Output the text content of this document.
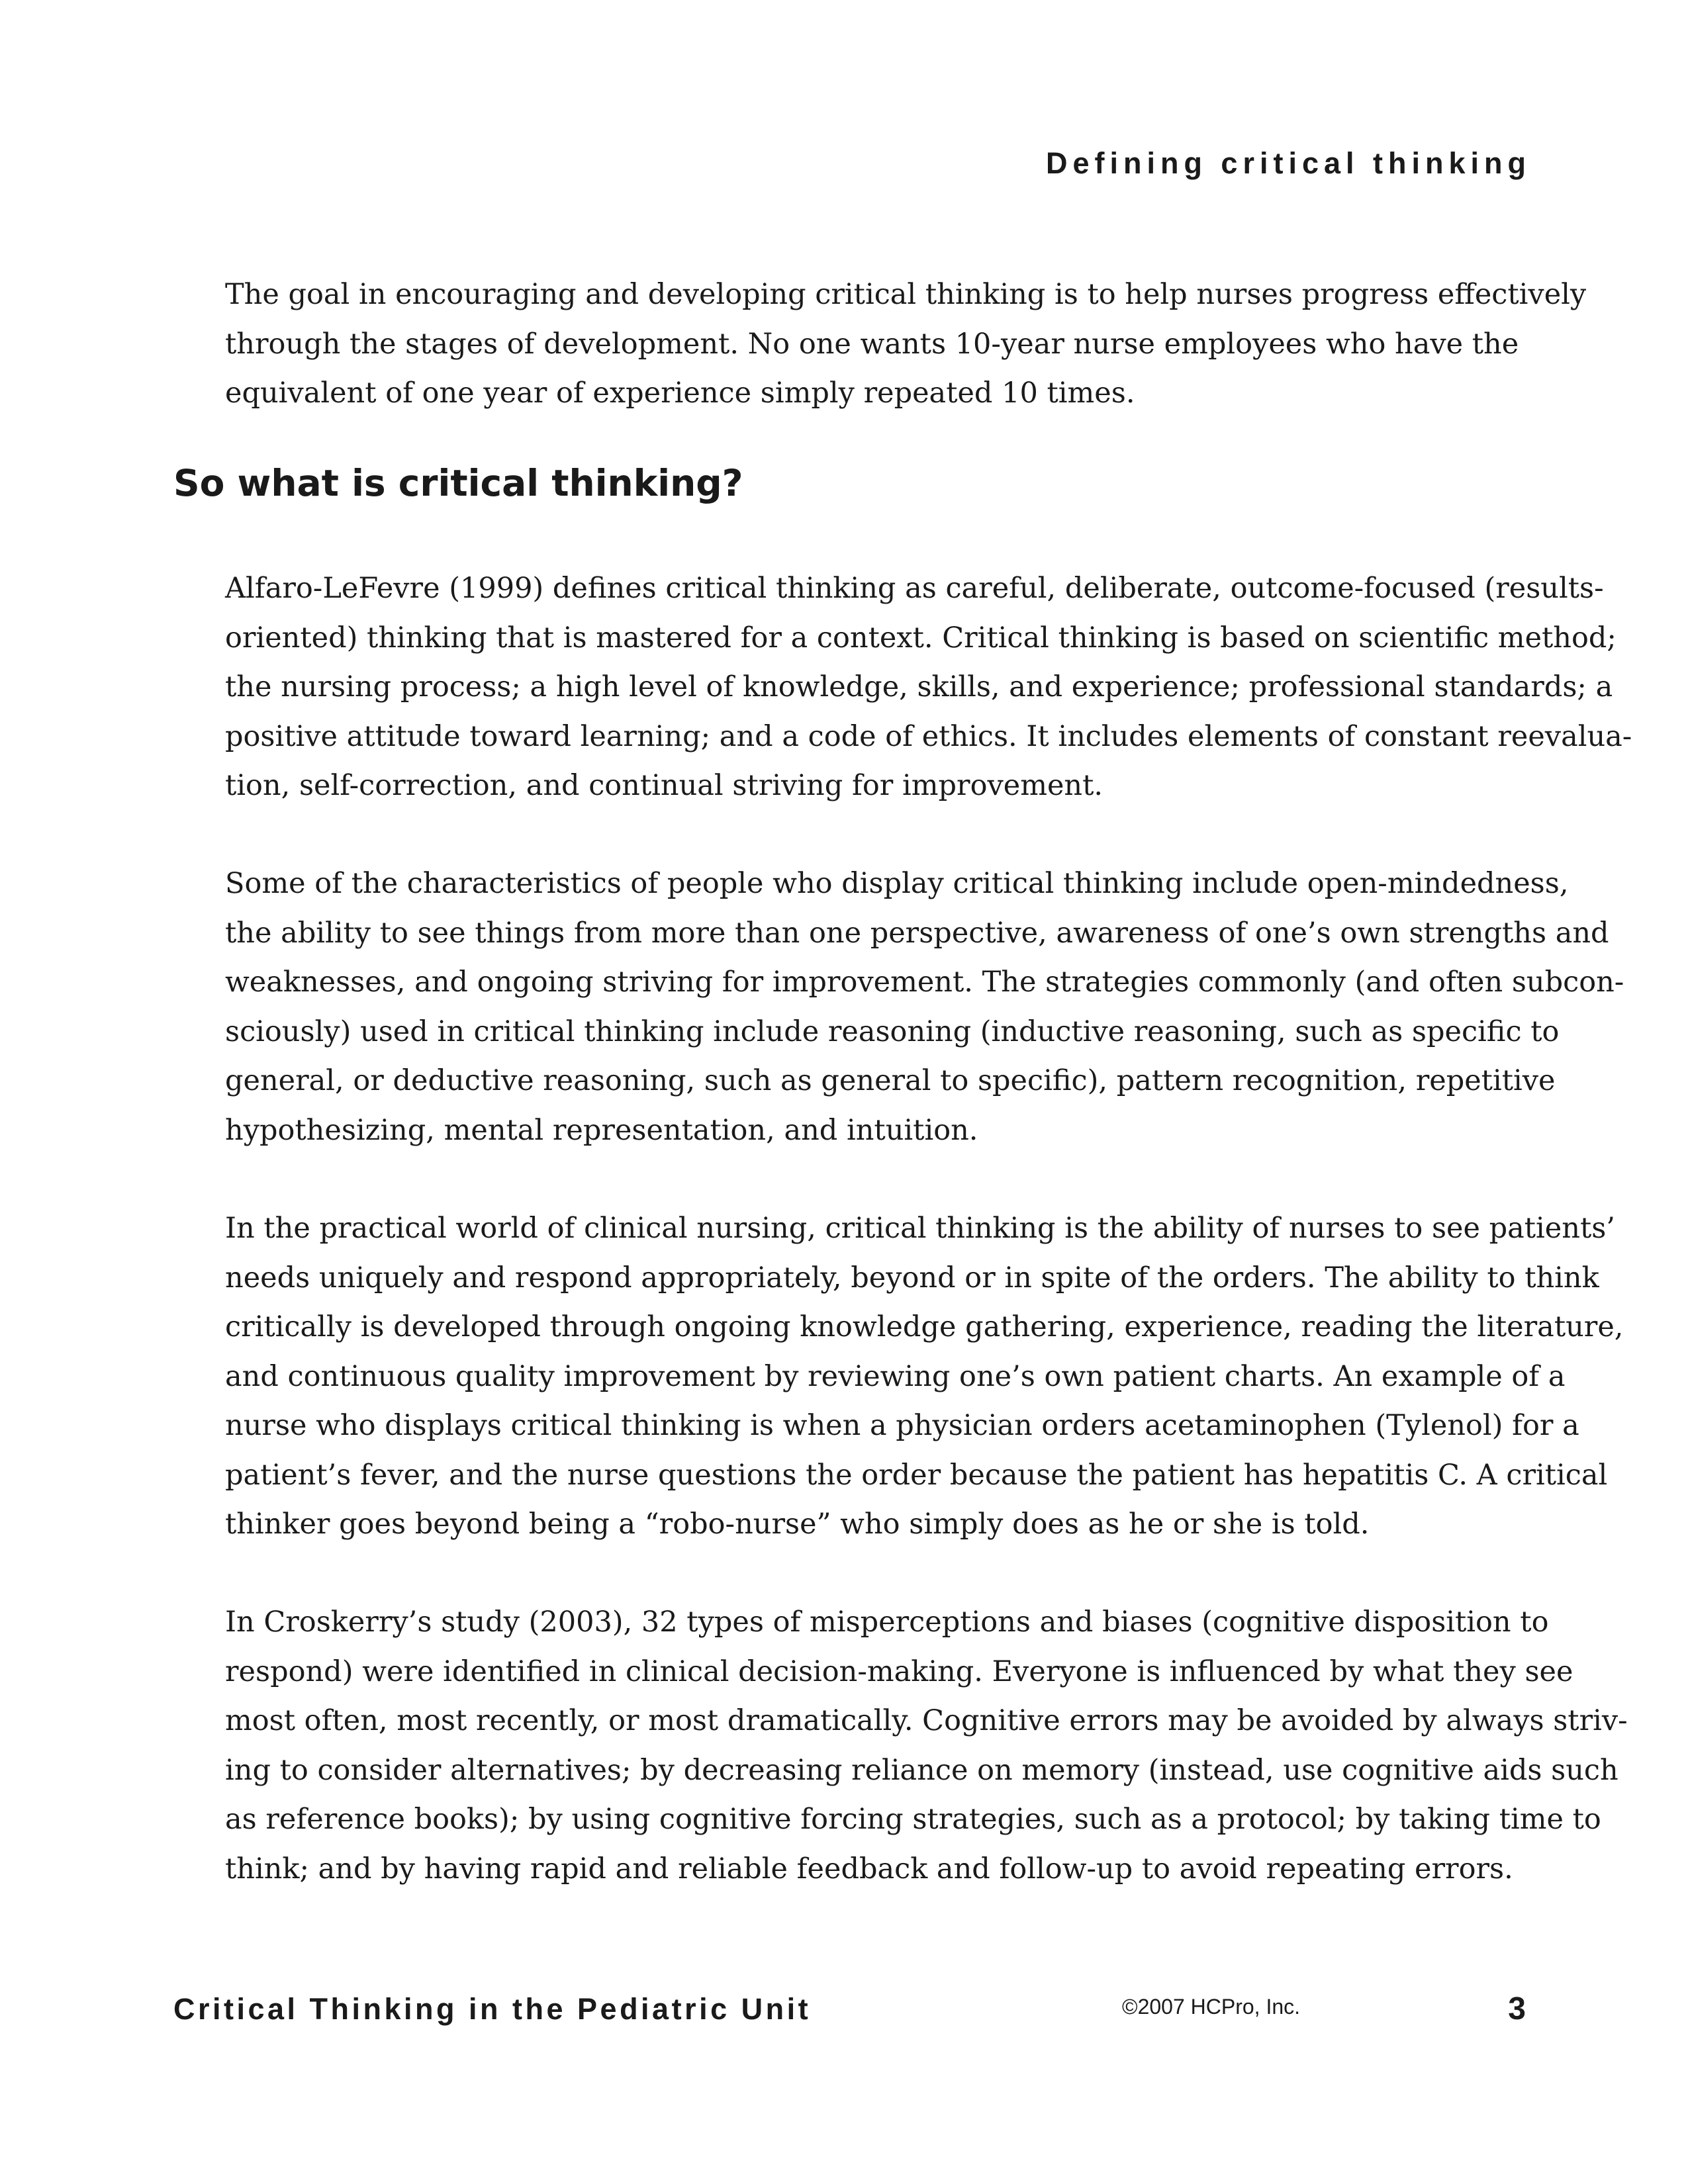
Defining critical thinking
The goal in encouraging and developing critical thinking is to help nurses progress effectively
through the stages of development. No one wants 10-year nurse employees who have the
equivalent of one year of experience simply repeated 10 times.
So what is critical thinking?
Alfaro-LeFevre (1999) defines critical thinking as careful, deliberate, outcome-focused (results-
oriented) thinking that is mastered for a context. Critical thinking is based on scientific method;
the nursing process; a high level of knowledge, skills, and experience; professional standards; a
positive attitude toward learning; and a code of ethics. It includes elements of constant reevalua-
tion, self-correction, and continual striving for improvement.
Some of the characteristics of people who display critical thinking include open-mindedness,
the ability to see things from more than one perspective, awareness of one’s own strengths and
weaknesses, and ongoing striving for improvement. The strategies commonly (and often subcon-
sciously) used in critical thinking include reasoning (inductive reasoning, such as specific to
general, or deductive reasoning, such as general to specific), pattern recognition, repetitive
hypothesizing, mental representation, and intuition.
In the practical world of clinical nursing, critical thinking is the ability of nurses to see patients’
needs uniquely and respond appropriately, beyond or in spite of the orders. The ability to think
critically is developed through ongoing knowledge gathering, experience, reading the literature,
and continuous quality improvement by reviewing one’s own patient charts. An example of a
nurse who displays critical thinking is when a physician orders acetaminophen (Tylenol) for a
patient’s fever, and the nurse questions the order because the patient has hepatitis C. A critical
thinker goes beyond being a “robo-nurse” who simply does as he or she is told.
In Croskerry’s study (2003), 32 types of misperceptions and biases (cognitive disposition to
respond) were identified in clinical decision-making. Everyone is influenced by what they see
most often, most recently, or most dramatically. Cognitive errors may be avoided by always striv-
ing to consider alternatives; by decreasing reliance on memory (instead, use cognitive aids such
as reference books); by using cognitive forcing strategies, such as a protocol; by taking time to
think; and by having rapid and reliable feedback and follow-up to avoid repeating errors.
Critical Thinking in the Pediatric Unit	©2007 HCPro, Inc.	3
